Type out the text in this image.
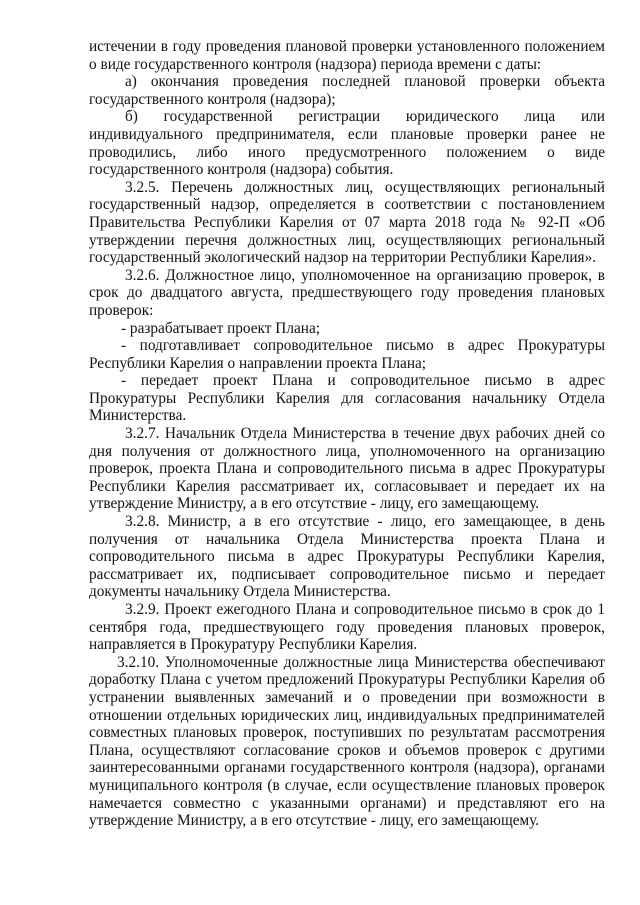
истечении в году проведения плановой проверки установленного положением о виде государственного контроля (надзора) периода времени с даты:

а) окончания проведения последней плановой проверки объекта государственного контроля (надзора);

б) государственной регистрации юридического лица или индивидуального предпринимателя, если плановые проверки ранее не проводились, либо иного предусмотренного положением о виде государственного контроля (надзора) события.

3.2.5. Перечень должностных лиц, осуществляющих региональный государственный надзор, определяется в соответствии с постановлением Правительства Республики Карелия от 07 марта 2018 года № 92-П «Об утверждении перечня должностных лиц, осуществляющих региональный государственный экологический надзор на территории Республики Карелия».

3.2.6. Должностное лицо, уполномоченное на организацию проверок, в срок до двадцатого августа, предшествующего году проведения плановых проверок:

- разрабатывает проект Плана;

- подготавливает сопроводительное письмо в адрес Прокуратуры Республики Карелия о направлении проекта Плана;

- передает проект Плана и сопроводительное письмо в адрес Прокуратуры Республики Карелия для согласования начальнику Отдела Министерства.

3.2.7. Начальник Отдела Министерства в течение двух рабочих дней со дня получения от должностного лица, уполномоченного на организацию проверок, проекта Плана и сопроводительного письма в адрес Прокуратуры Республики Карелия рассматривает их, согласовывает и передает их на утверждение Министру, а в его отсутствие - лицу, его замещающему.

3.2.8. Министр, а в его отсутствие - лицо, его замещающее, в день получения от начальника Отдела Министерства проекта Плана и сопроводительного письма в адрес Прокуратуры Республики Карелия, рассматривает их, подписывает сопроводительное письмо и передает документы начальнику Отдела Министерства.

3.2.9. Проект ежегодного Плана и сопроводительное письмо в срок до 1 сентября года, предшествующего году проведения плановых проверок, направляется в Прокуратуру Республики Карелия.

3.2.10. Уполномоченные должностные лица Министерства обеспечивают доработку Плана с учетом предложений Прокуратуры Республики Карелия об устранении выявленных замечаний и о проведении при возможности в отношении отдельных юридических лиц, индивидуальных предпринимателей совместных плановых проверок, поступивших по результатам рассмотрения Плана, осуществляют согласование сроков и объемов проверок с другими заинтересованными органами государственного контроля (надзора), органами муниципального контроля (в случае, если осуществление плановых проверок намечается совместно с указанными органами) и представляют его на утверждение Министру, а в его отсутствие - лицу, его замещающему.
